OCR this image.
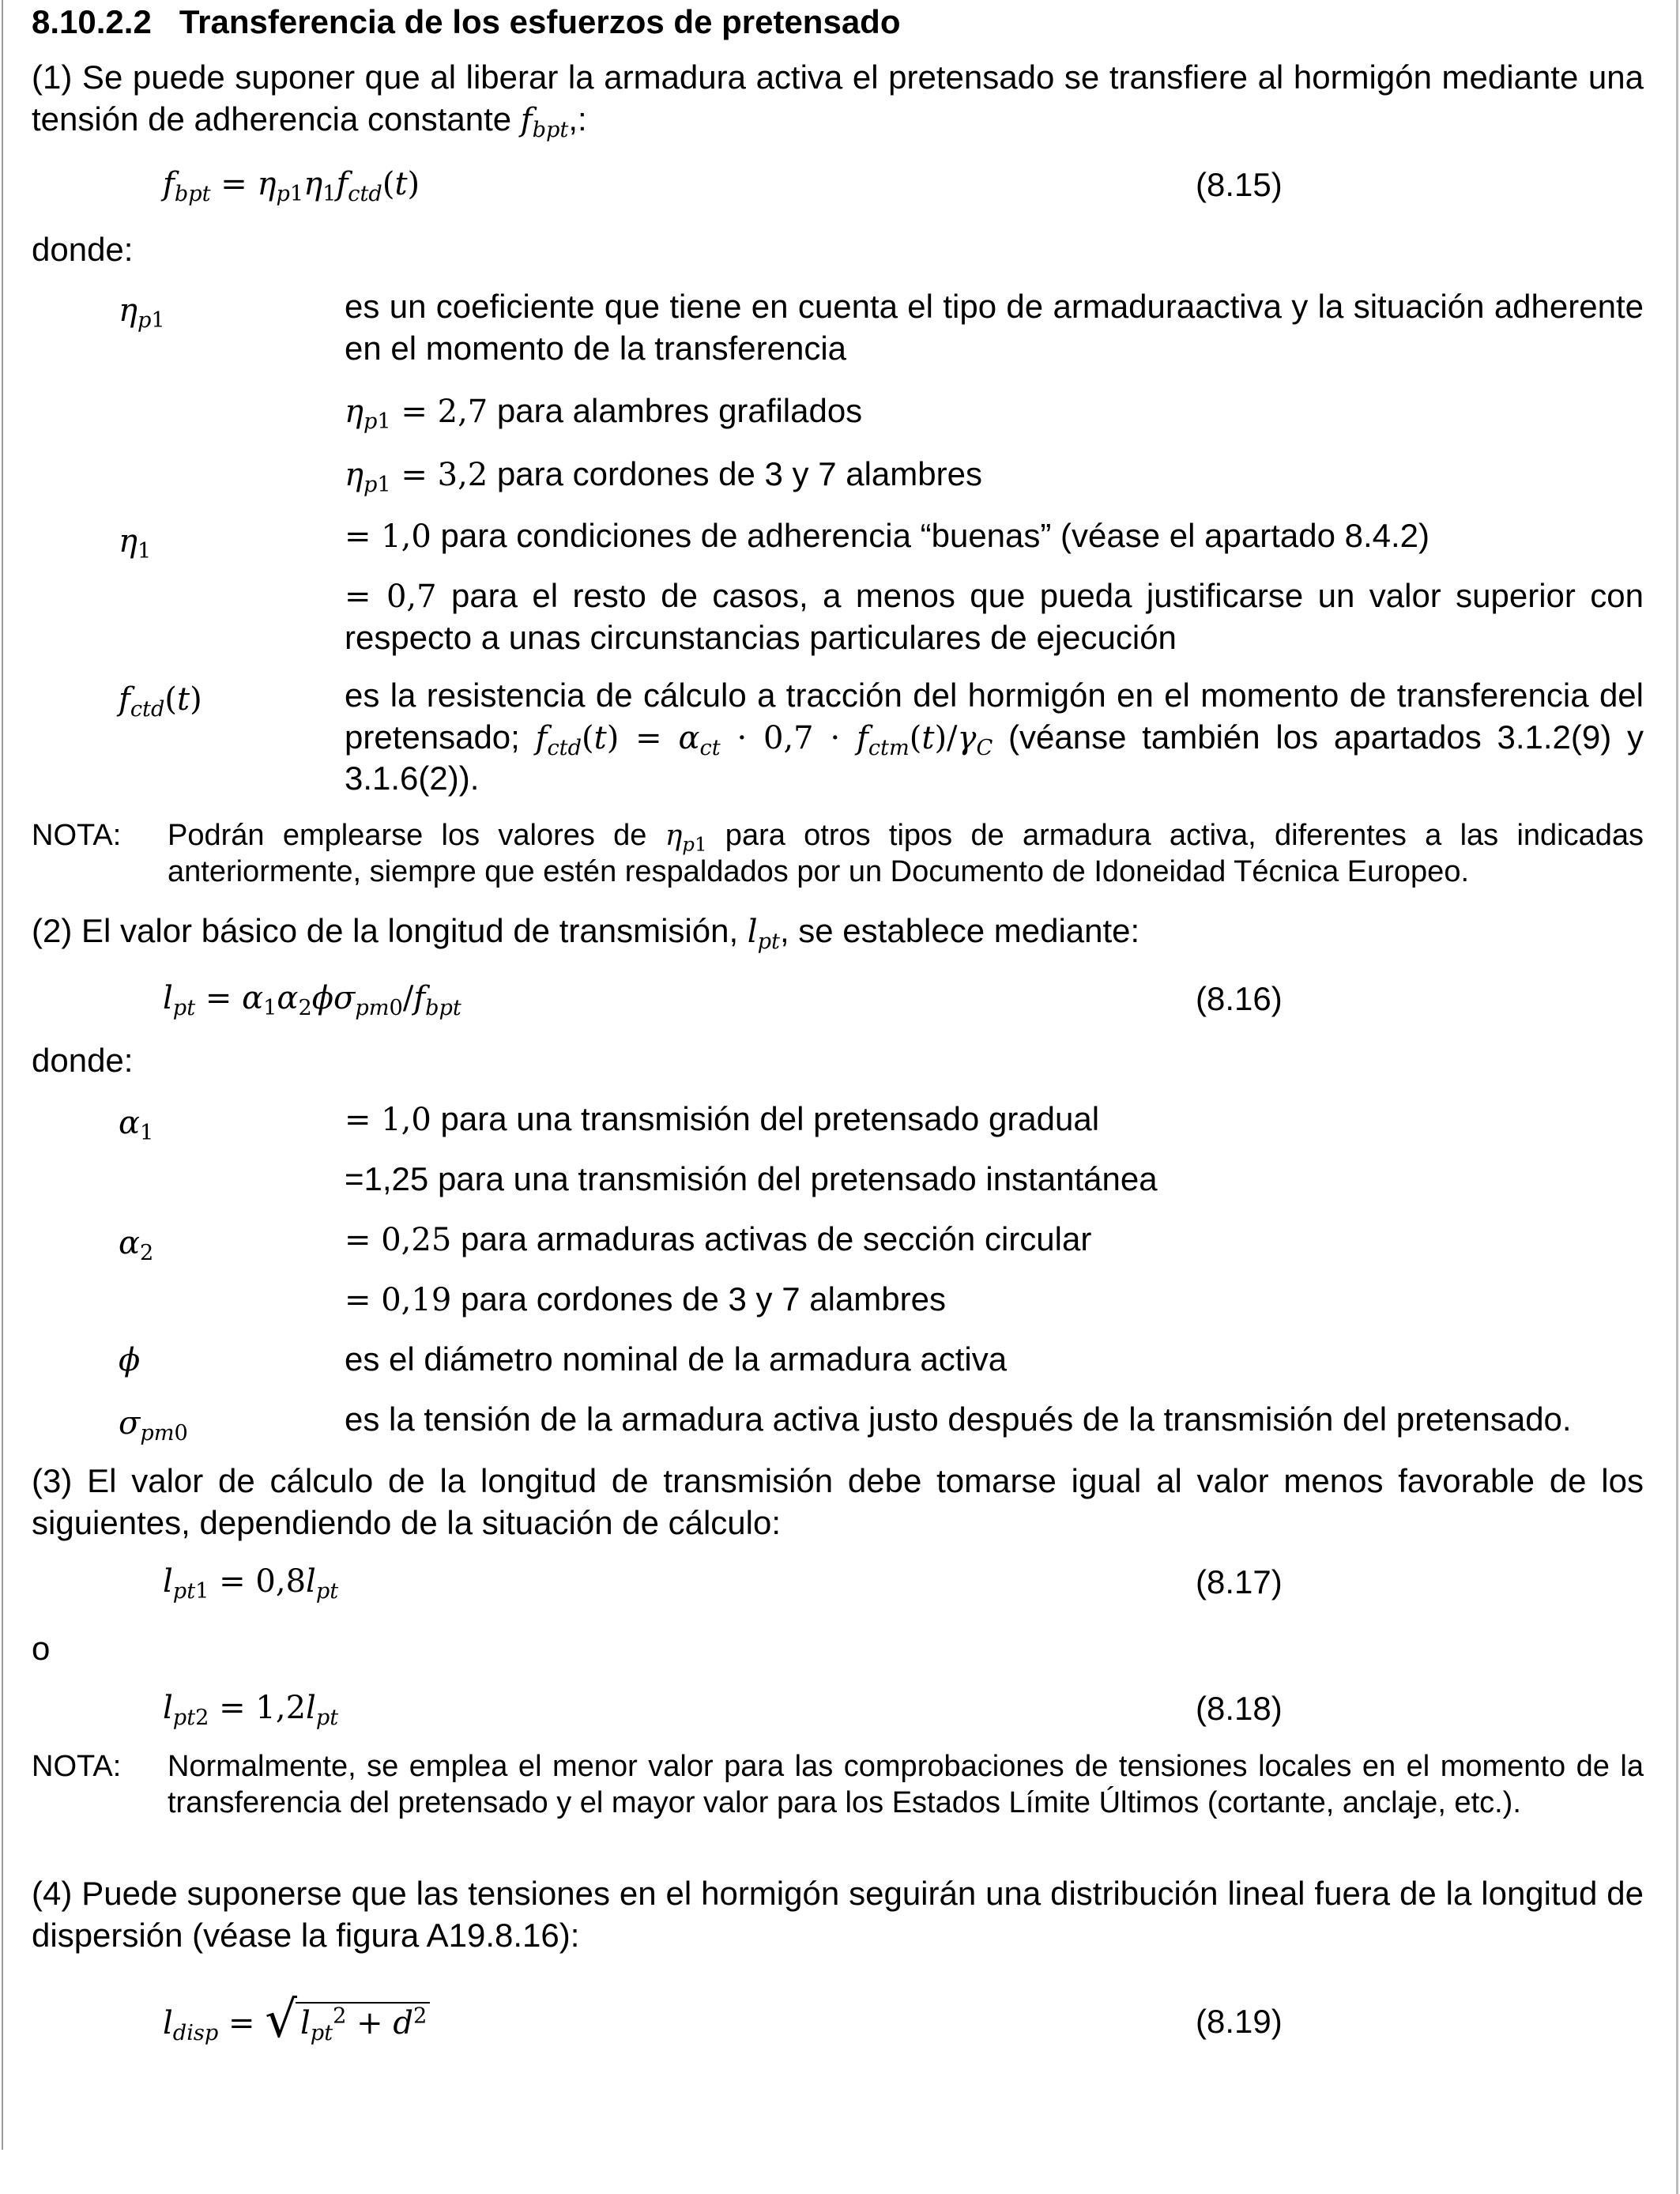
8.10.2.2 Transferencia de los esfuerzos de pretensado
(1) Se puede suponer que al liberar la armadura activa el pretensado se transfiere al hormigón mediante una tensión de adherencia constante $f_{bpt}$,:
$f_{bpt} = \eta_{p1}\eta_1f_{ctd}(t)$	(8.15)
donde:
$\eta_{p1}$	es un coeficiente que tiene en cuenta el tipo de armaduraactiva y la situación adherente en el momento de la transferencia
$\eta_{p1} = 2,7$ para alambres grafilados
$\eta_{p1} = 3,2$ para cordones de 3 y 7 alambres
$\eta_1$	= 1,0 para condiciones de adherencia “buenas” (véase el apartado 8.4.2)
= 0,7 para el resto de casos, a menos que pueda justificarse un valor superior con respecto a unas circunstancias particulares de ejecución
$f_{ctd}(t)$	es la resistencia de cálculo a tracción del hormigón en el momento de transferencia del pretensado; $f_{ctd}(t) = \alpha_{ct} \cdot 0,7 \cdot f_{ctm}(t)/\gamma_C$ (véanse también los apartados 3.1.2(9) y 3.1.6(2)).
NOTA: Podrán emplearse los valores de $\eta_{p1}$ para otros tipos de armadura activa, diferentes a las indicadas anteriormente, siempre que estén respaldados por un Documento de Idoneidad Técnica Europeo.
(2) El valor básico de la longitud de transmisión, $l_{pt}$, se establece mediante:
$l_{pt} = \alpha_1\alpha_2\phi\sigma_{pm0}/f_{bpt}$	(8.16)
donde:
$\alpha_1$	= 1,0 para una transmisión del pretensado gradual
=1,25 para una transmisión del pretensado instantánea
$\alpha_2$	= 0,25 para armaduras activas de sección circular
= 0,19 para cordones de 3 y 7 alambres
ϕ	es el diámetro nominal de la armadura activa
$\sigma_{pm0}$	es la tensión de la armadura activa justo después de la transmisión del pretensado.
(3) El valor de cálculo de la longitud de transmisión debe tomarse igual al valor menos favorable de los siguientes, dependiendo de la situación de cálculo:
$l_{pt1} = 0,8l_{pt}$	(8.17)
o
$l_{pt2} = 1,2l_{pt}$	(8.18)
NOTA: Normalmente, se emplea el menor valor para las comprobaciones de tensiones locales en el momento de la transferencia del pretensado y el mayor valor para los Estados Límite Últimos (cortante, anclaje, etc.).
(4) Puede suponerse que las tensiones en el hormigón seguirán una distribución lineal fuera de la longitud de dispersión (véase la figura A19.8.16):
$l_{disp}$ = √ $l_{pt}^2 + d^2$	(8.19)
